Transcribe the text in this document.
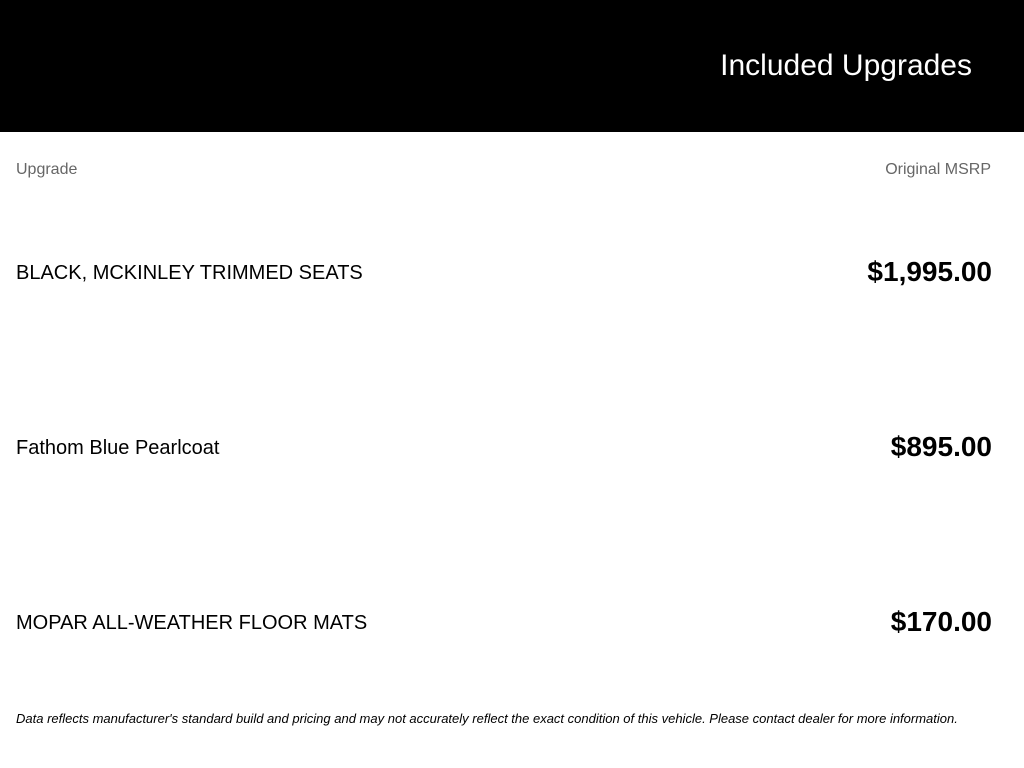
Included Upgrades
Upgrade	Original MSRP
BLACK, MCKINLEY TRIMMED SEATS	$1,995.00
Fathom Blue Pearlcoat	$895.00
MOPAR ALL-WEATHER FLOOR MATS	$170.00
Data reflects manufacturer's standard build and pricing and may not accurately reflect the exact condition of this vehicle. Please contact dealer for more information.
